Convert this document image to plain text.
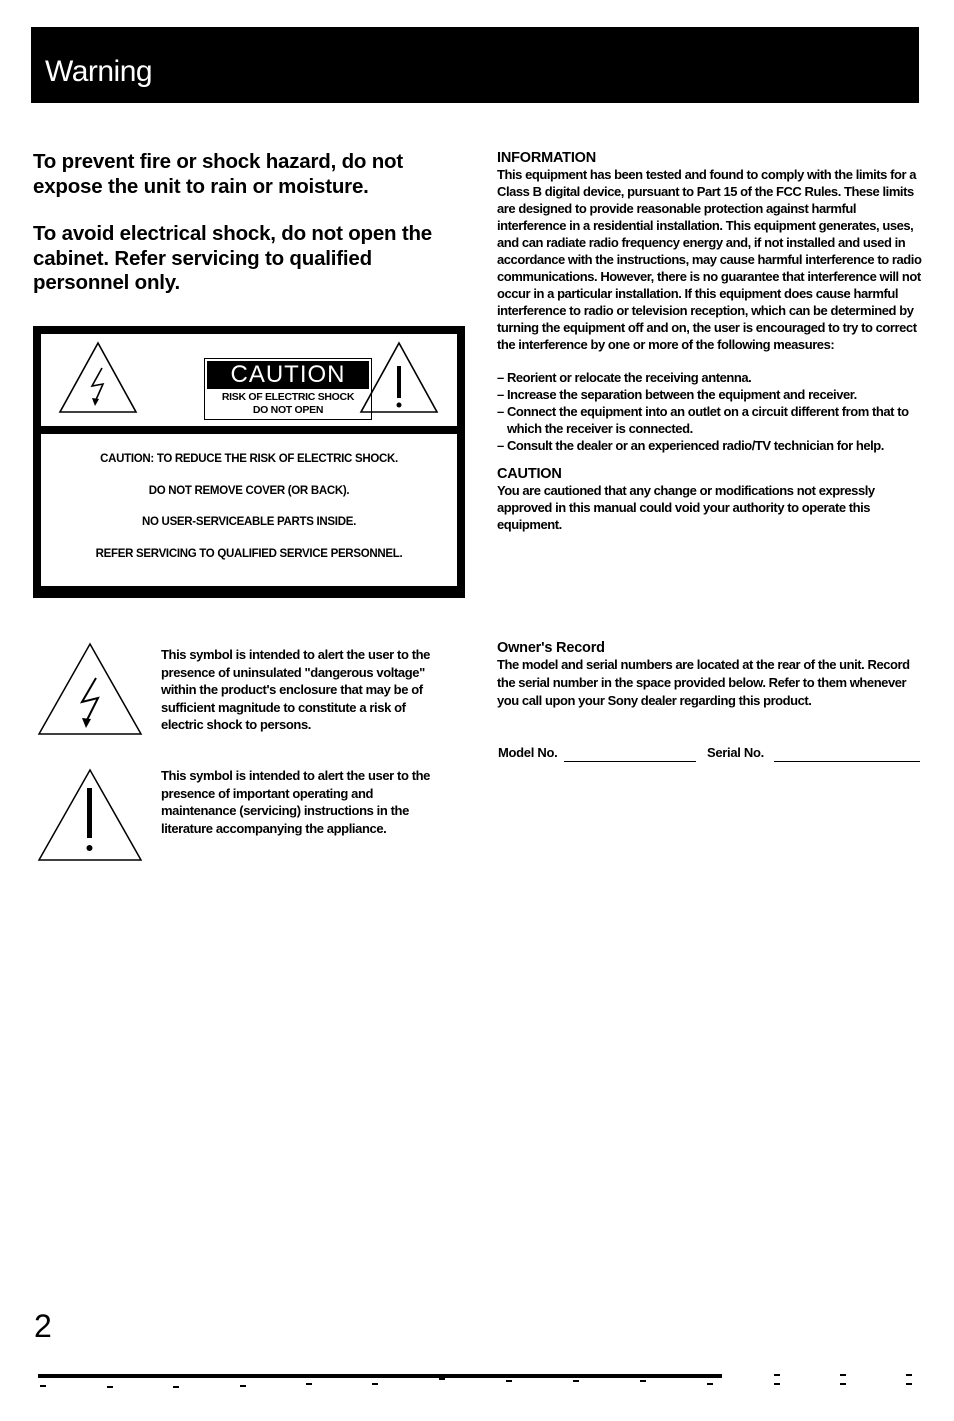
Warning
To prevent fire or shock hazard, do not expose the unit to rain or moisture.
To avoid electrical shock, do not open the cabinet. Refer servicing to qualified personnel only.
CAUTION
RISK OF ELECTRIC SHOCK
DO NOT OPEN
CAUTION: TO REDUCE THE RISK OF ELECTRIC SHOCK.
DO NOT REMOVE COVER (OR BACK).
NO USER-SERVICEABLE PARTS INSIDE.
REFER SERVICING TO QUALIFIED SERVICE PERSONNEL.
This symbol is intended to alert the user to the presence of uninsulated "dangerous voltage" within the product's enclosure that may be of sufficient magnitude to constitute a risk of electric shock to persons.
This symbol is intended to alert the user to the presence of important operating and maintenance (servicing) instructions in the literature accompanying the appliance.
INFORMATION
This equipment has been tested and found to comply with the limits for a Class B digital device, pursuant to Part 15 of the FCC Rules. These limits are designed to provide reasonable protection against harmful interference in a residential installation. This equipment generates, uses, and can radiate radio frequency energy and, if not installed and used in accordance with the instructions, may cause harmful interference to radio communications. However, there is no guarantee that interference will not occur in a particular installation. If this equipment does cause harmful interference to radio or television reception, which can be determined by turning the equipment off and on, the user is encouraged to try to correct the interference by one or more of the following measures:
– Reorient or relocate the receiving antenna.
– Increase the separation between the equipment and receiver.
– Connect the equipment into an outlet on a circuit different from that to which the receiver is connected.
– Consult the dealer or an experienced radio/TV technician for help.
CAUTION
You are cautioned that any change or modifications not expressly approved in this manual could void your authority to operate this equipment.
Owner's Record
The model and serial numbers are located at the rear of the unit. Record the serial number in the space provided below. Refer to them whenever you call upon your Sony dealer regarding this product.
Model No.	Serial No.
2
